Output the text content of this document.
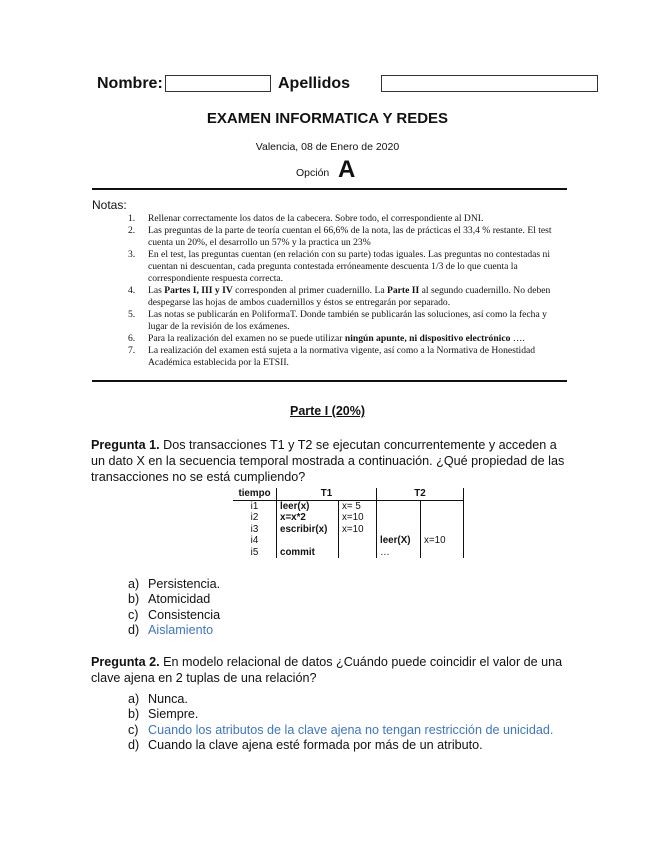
Nombre:	Apellidos
EXAMEN INFORMATICA Y REDES
Valencia, 08 de Enero de 2020
Opción A
Notas:
1. Rellenar correctamente los datos de la cabecera. Sobre todo, el correspondiente al DNI.
2. Las preguntas de la parte de teoría cuentan el 66,6% de la nota, las de prácticas el 33,4 % restante. El test cuenta un 20%, el desarrollo un 57% y la practica un 23%
3. En el test, las preguntas cuentan (en relación con su parte) todas iguales. Las preguntas no contestadas ni cuentan ni descuentan, cada pregunta contestada erróneamente descuenta 1/3 de lo que cuenta la correspondiente respuesta correcta.
4. Las Partes I, III y IV corresponden al primer cuadernillo. La Parte II al segundo cuadernillo. No deben despegarse las hojas de ambos cuadernillos y éstos se entregarán por separado.
5. Las notas se publicarán en PoliformaT. Donde también se publicarán las soluciones, así como la fecha y lugar de la revisión de los exámenes.
6. Para la realización del examen no se puede utilizar ningún apunte, ni dispositivo electrónico ….
7. La realización del examen está sujeta a la normativa vigente, así como a la Normativa de Honestidad Académica establecida por la ETSII.
Parte I (20%)
Pregunta 1. Dos transacciones T1 y T2 se ejecutan concurrentemente y acceden a un dato X en la secuencia temporal mostrada a continuación. ¿Qué propiedad de las transacciones no se está cumpliendo?
tiempo	T1		T2	
i1	leer(x)	x= 5		
i2	x=x*2	x=10		
i3	escribir(x)	x=10		
i4			leer(X)	x=10
i5	commit		…	
a) Persistencia.
b) Atomicidad
c) Consistencia
d) Aislamiento
Pregunta 2. En modelo relacional de datos ¿Cuándo puede coincidir el valor de una clave ajena en 2 tuplas de una relación?
a) Nunca.
b) Siempre.
c) Cuando los atributos de la clave ajena no tengan restricción de unicidad.
d) Cuando la clave ajena esté formada por más de un atributo.
